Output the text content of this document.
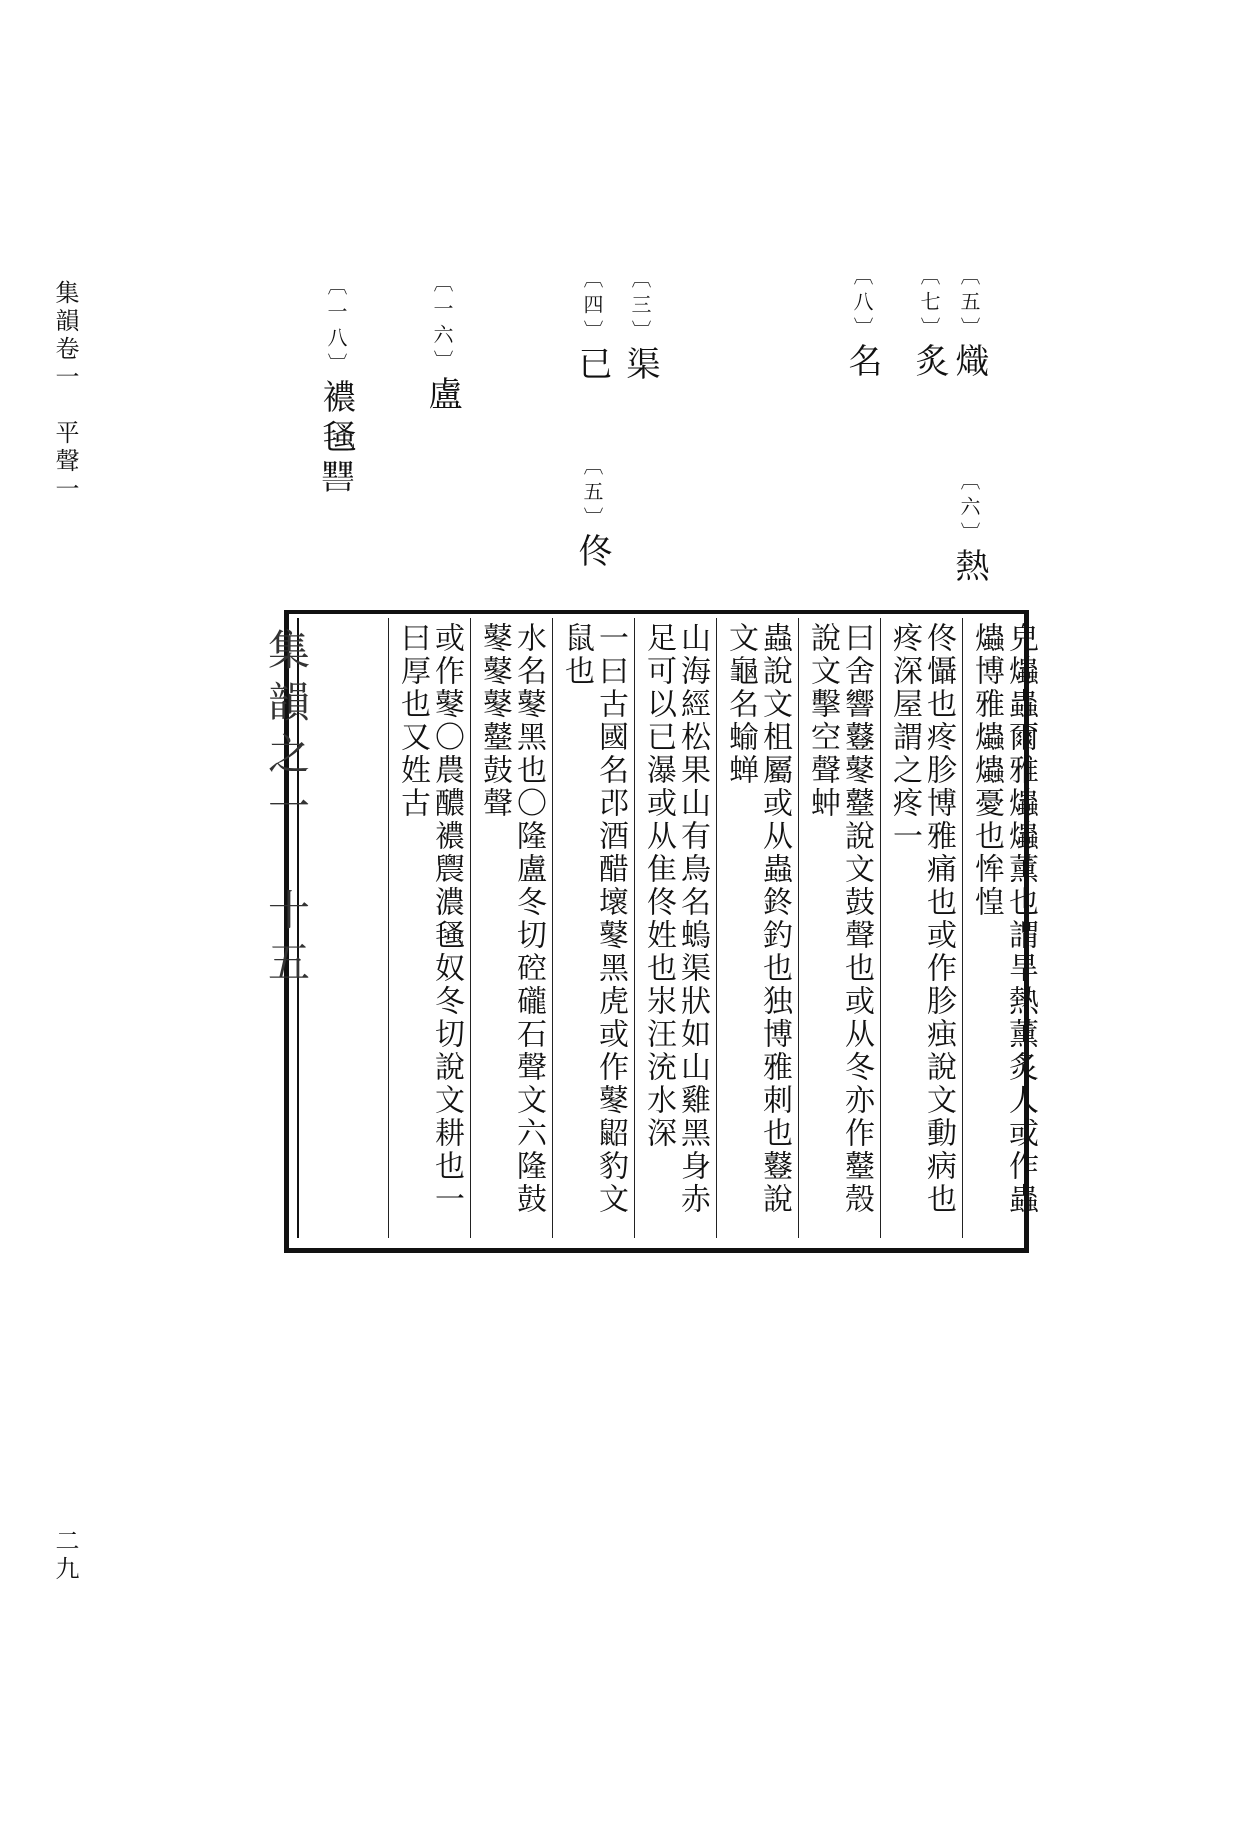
集韻卷一　平聲一
二九
〔五〕熾
〔七〕炙
〔八〕名
〔三〕渠
〔四〕已
〔一六〕盧
〔一八〕襛㲧𨤷
〔六〕熱
〔五〕佟
集韻之一　十五	皃爞蟲爾雅爞爞薰也謂旱熱薰炙人或作蟲爞博雅爞爞憂也恈惶

佟懾也疼胗博雅痛也或作胗痋說文動病也疼深屋謂之疼一

曰舍響鼟鼕鼞說文鼓聲也或从冬亦作鼞殼說文擊空聲蚛

蟲說文柤屬或从蟲鉖釣也独博雅刺也鼟說文龜名蝓蝉

山海經松果山有鳥名螐渠狀如山雞黑身赤足可以已瀑或从隹佟姓也汖汪㳘水深

一曰古國名邔酒醋壞鼕黑虎或作鼕鼦豹文鼠也

水名鼕黑也〇隆盧冬切硿礲石聲文六隆鼓鼕鼕鼕鼞鼓聲

或作鼕〇農醲襛䢉濃㲧奴冬切說文耕也一曰厚也又姓古
